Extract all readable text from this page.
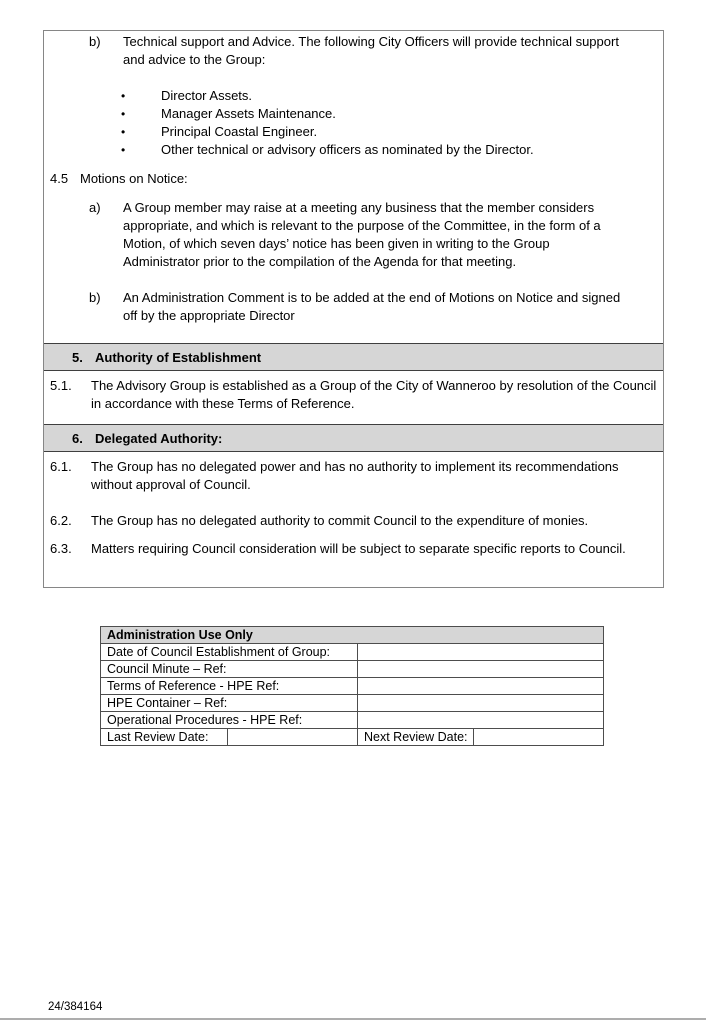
b)	Technical support and Advice. The following City Officers will provide technical support and advice to the Group:
•	Director Assets.
•	Manager Assets Maintenance.
•	Principal Coastal Engineer.
•	Other technical or advisory officers as nominated by the Director.
4.5 Motions on Notice:
a)	A Group member may raise at a meeting any business that the member considers appropriate, and which is relevant to the purpose of the Committee, in the form of a Motion, of which seven days’ notice has been given in writing to the Group Administrator prior to the compilation of the Agenda for that meeting.
b)	An Administration Comment is to be added at the end of Motions on Notice and signed off by the appropriate Director
5. Authority of Establishment
5.1.	The Advisory Group is established as a Group of the City of Wanneroo by resolution of the Council in accordance with these Terms of Reference.
6. Delegated Authority:
6.1.	The Group has no delegated power and has no authority to implement its recommendations without approval of Council.
6.2.	The Group has no delegated authority to commit Council to the expenditure of monies.
6.3.	Matters requiring Council consideration will be subject to separate specific reports to Council.
Administration Use Only			
Date of Council Establishment of Group:			
Council Minute – Ref:			
Terms of Reference - HPE Ref:			
HPE Container – Ref:			
Operational Procedures - HPE Ref:			
Last Review Date:		Next Review Date:	
24/384164
